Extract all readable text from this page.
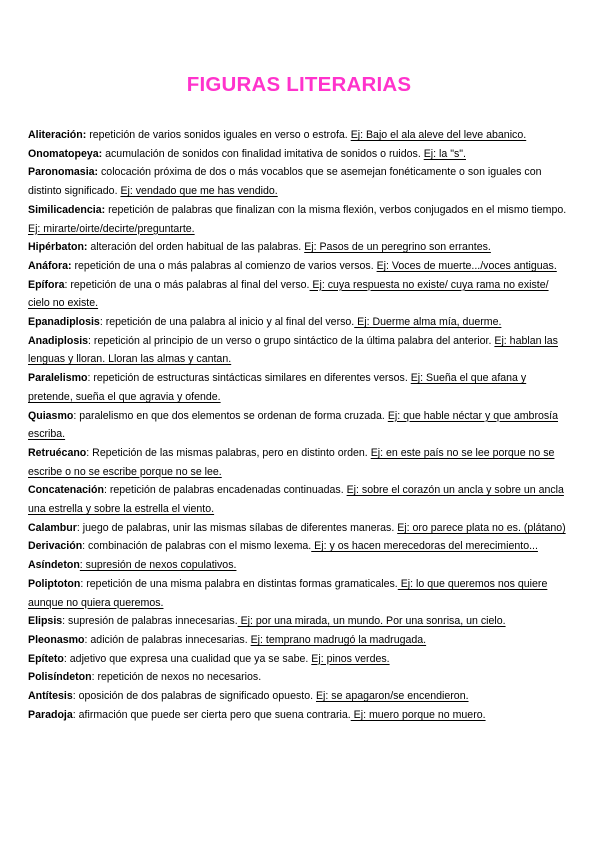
FIGURAS LITERARIAS

Aliteración: repetición de varios sonidos iguales en verso o estrofa. Ej: Bajo el ala aleve del leve abanico.

Onomatopeya: acumulación de sonidos con finalidad imitativa de sonidos o ruidos. Ej: la "s".

Paronomasia: colocación próxima de dos o más vocablos que se asemejan fonéticamente o son iguales con distinto significado. Ej: vendado que me has vendido.

Similicadencia: repetición de palabras que finalizan con la misma flexión, verbos conjugados en el mismo tiempo. Ej: mirarte/oirte/decirte/preguntarte.

Hipérbaton: alteración del orden habitual de las palabras. Ej: Pasos de un peregrino son errantes.

Anáfora: repetición de una o más palabras al comienzo de varios versos. Ej: Voces de muerte.../voces antiguas.

Epífora: repetición de una o más palabras al final del verso. Ej: cuya respuesta no existe/ cuya rama no existe/ cielo no existe.

Epanadiplosis: repetición de una palabra al inicio y al final del verso. Ej: Duerme alma mía, duerme.

Anadiplosis: repetición al principio de un verso o grupo sintáctico de la última palabra del anterior. Ej: hablan las lenguas y lloran. Lloran las almas y cantan.

Paralelismo: repetición de estructuras sintácticas similares en diferentes versos. Ej: Sueña el que afana y pretende, sueña el que agravia y ofende.

Quiasmo: paralelismo en que dos elementos se ordenan de forma cruzada. Ej: que hable néctar y que ambrosía escriba.

Retruécano: Repetición de las mismas palabras, pero en distinto orden. Ej: en este país no se lee porque no se escribe o no se escribe porque no se lee.

Concatenación: repetición de palabras encadenadas continuadas. Ej: sobre el corazón un ancla y sobre un ancla una estrella y sobre la estrella el viento.

Calambur: juego de palabras, unir las mismas sílabas de diferentes maneras. Ej: oro parece plata no es. (plátano)

Derivación: combinación de palabras con el mismo lexema. Ej: y os hacen merecedoras del merecimiento...

Asíndeton: supresión de nexos copulativos.

Poliptoton: repetición de una misma palabra en distintas formas gramaticales. Ej: lo que queremos nos quiere aunque no quiera queremos.

Elipsis: supresión de palabras innecesarias. Ej: por una mirada, un mundo. Por una sonrisa, un cielo.

Pleonasmo: adición de palabras innecesarias. Ej: temprano madrugó la madrugada.

Epíteto: adjetivo que expresa una cualidad que ya se sabe. Ej: pinos verdes.

Polisíndeton: repetición de nexos no necesarios.

Antítesis: oposición de dos palabras de significado opuesto. Ej: se apagaron/se encendieron.

Paradoja: afirmación que puede ser cierta pero que suena contraria. Ej: muero porque no muero.
